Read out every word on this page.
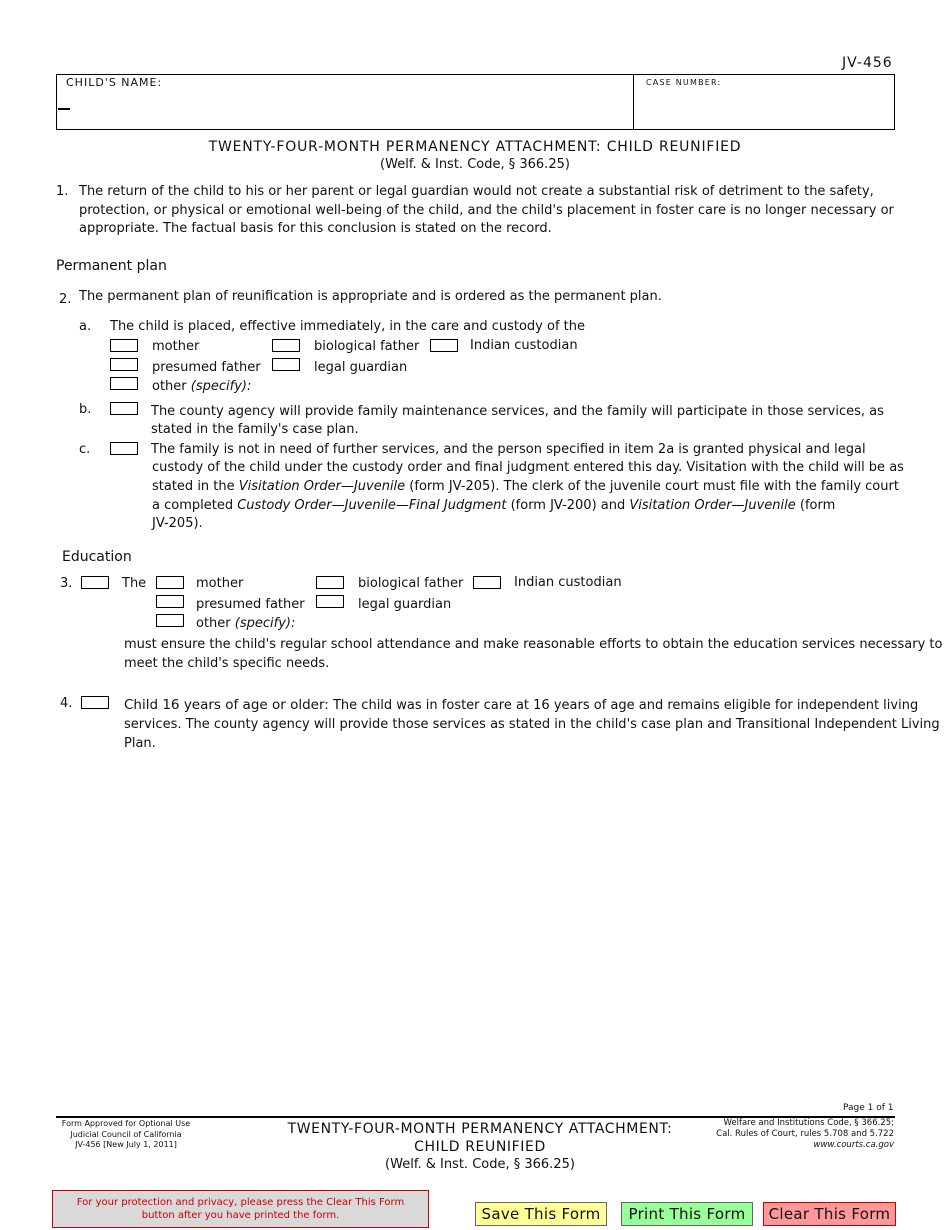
JV-456
CHILD'S NAME:	CASE NUMBER:
TWENTY-FOUR-MONTH PERMANENCY ATTACHMENT: CHILD REUNIFIED
(Welf. & Inst. Code, § 366.25)
1. The return of the child to his or her parent or legal guardian would not create a substantial risk of detriment to the safety,
protection, or physical or emotional well-being of the child, and the child's placement in foster care is no longer necessary or
appropriate. The factual basis for this conclusion is stated on the record.
Permanent plan
2. The permanent plan of reunification is appropriate and is ordered as the permanent plan.
a. The child is placed, effective immediately, in the care and custody of the
mother	biological father	Indian custodian
presumed father	legal guardian
other (specify):
b.	The county agency will provide family maintenance services, and the family will participate in those services, as
stated in the family's case plan.
c.	The family is not in need of further services, and the person specified in item 2a is granted physical and legal
custody of the child under the custody order and final judgment entered this day. Visitation with the child will be as
stated in the Visitation Order—Juvenile (form JV-205). The clerk of the juvenile court must file with the family court
a completed Custody Order—Juvenile—Final Judgment (form JV-200) and Visitation Order—Juvenile (form
JV-205).
Education
3.	The	mother	biological father	Indian custodian
presumed father	legal guardian
other (specify):
must ensure the child's regular school attendance and make reasonable efforts to obtain the education services necessary to
meet the child's specific needs.
4.	Child 16 years of age or older: The child was in foster care at 16 years of age and remains eligible for independent living
services. The county agency will provide those services as stated in the child's case plan and Transitional Independent Living
Plan.
Page 1 of 1
Form Approved for Optional Use
Judicial Council of California
JV-456 [New July 1, 2011]
TWENTY-FOUR-MONTH PERMANENCY ATTACHMENT:
CHILD REUNIFIED
(Welf. & Inst. Code, § 366.25)
Welfare and Institutions Code, § 366.25;
Cal. Rules of Court, rules 5.708 and 5.722
www.courts.ca.gov
For your protection and privacy, please press the Clear This Form
button after you have printed the form.	Save This Form	Print This Form	Clear This Form
